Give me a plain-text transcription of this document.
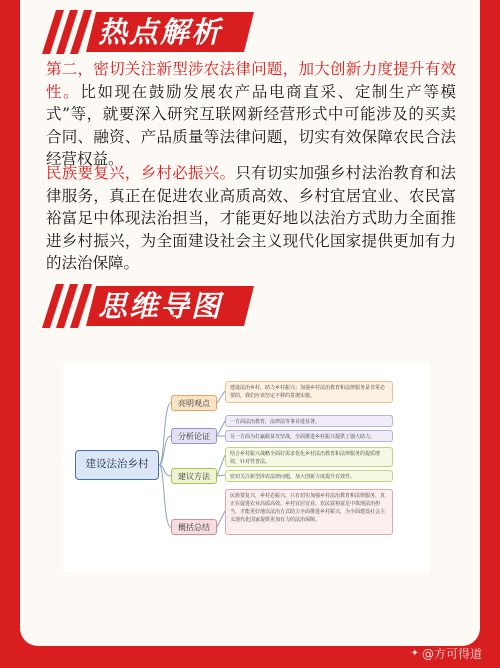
热点解析
第二，密切关注新型涉农法律问题，加大创新力度提升有效性。比如现在鼓励发展农产品电商直采、定制生产等模式”等，就要深入研究互联网新经营形式中可能涉及的买卖合同、融资、产品质量等法律问题，切实有效保障农民合法经营权益。
民族要复兴，乡村必振兴。只有切实加强乡村法治教育和法律服务，真正在促进农业高质高效、乡村宜居宜业、农民富裕富足中体现法治担当，才能更好地以法治方式助力全面推进乡村振兴，为全面建设社会主义现代化国家提供更加有力的法治保障。
思维导图
建设法治乡村
亮明观点
分析论证
建议方法
概括总结
建设法治乡村，助力乡村振兴；加强乡村法治教育和法律服务是非常必要的，我们应该坚定不移的贯彻实施。
一方面法治教育，法律法等事业进显著。
另一方面为打赢脱贫攻坚战，全面推进乡村振兴提供了强大助力。
结合乡村振兴战略全面好需求优化乡村法治教育和法律服务的提质增效，针对性普法。
密切关注新型涉农法律问题，加大创新力度提升有效性。
民族要复兴，乡村必振兴。只有切实加强乡村法治教育和法律服务，真正在促进农业高质高效、乡村宜居宜业、农民富裕富足中体现法治担当，才能更好地以法治方式助力全面推进乡村振兴，为全面建设社会主义现代化国家提供更加有力的法治保障。
✦ @方可得道
